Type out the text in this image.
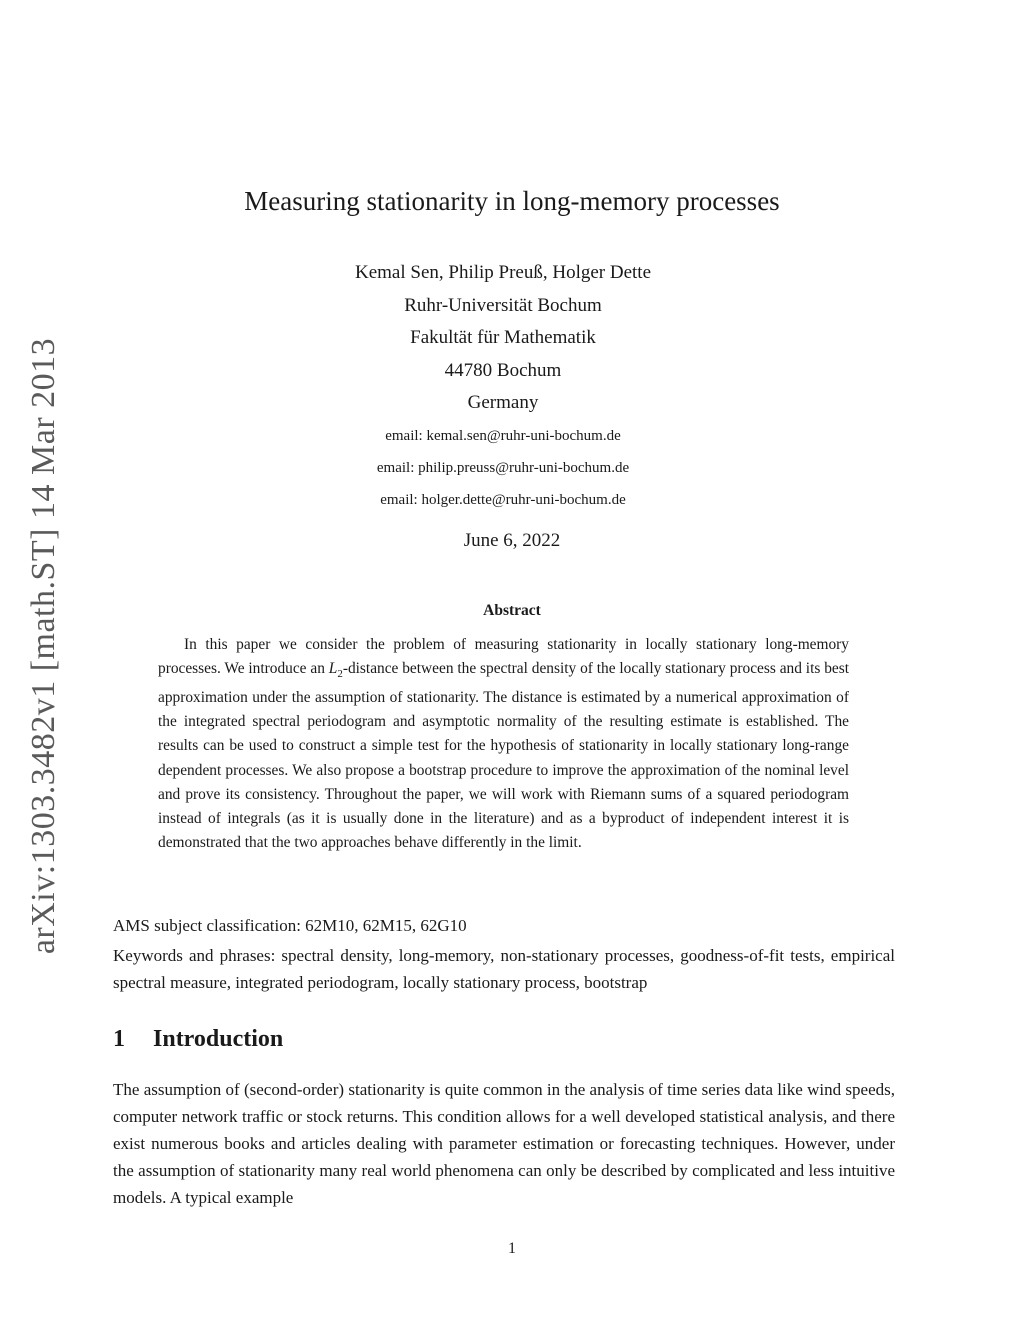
arXiv:1303.3482v1 [math.ST] 14 Mar 2013
Measuring stationarity in long-memory processes
Kemal Sen, Philip Preuß, Holger Dette
Ruhr-Universität Bochum
Fakultät für Mathematik
44780 Bochum
Germany
email: kemal.sen@ruhr-uni-bochum.de
email: philip.preuss@ruhr-uni-bochum.de
email: holger.dette@ruhr-uni-bochum.de
June 6, 2022
Abstract
In this paper we consider the problem of measuring stationarity in locally stationary long-memory processes. We introduce an $L_2$-distance between the spectral density of the locally stationary process and its best approximation under the assumption of stationarity. The distance is estimated by a numerical approximation of the integrated spectral periodogram and asymptotic normality of the resulting estimate is established. The results can be used to construct a simple test for the hypothesis of stationarity in locally stationary long-range dependent processes. We also propose a bootstrap procedure to improve the approximation of the nominal level and prove its consistency. Throughout the paper, we will work with Riemann sums of a squared periodogram instead of integrals (as it is usually done in the literature) and as a byproduct of independent interest it is demonstrated that the two approaches behave differently in the limit.
AMS subject classification: 62M10, 62M15, 62G10
Keywords and phrases: spectral density, long-memory, non-stationary processes, goodness-of-fit tests, empirical spectral measure, integrated periodogram, locally stationary process, bootstrap
1 Introduction
The assumption of (second-order) stationarity is quite common in the analysis of time series data like wind speeds, computer network traffic or stock returns. This condition allows for a well developed statistical analysis, and there exist numerous books and articles dealing with parameter estimation or forecasting techniques. However, under the assumption of stationarity many real world phenomena can only be described by complicated and less intuitive models. A typical example
1
